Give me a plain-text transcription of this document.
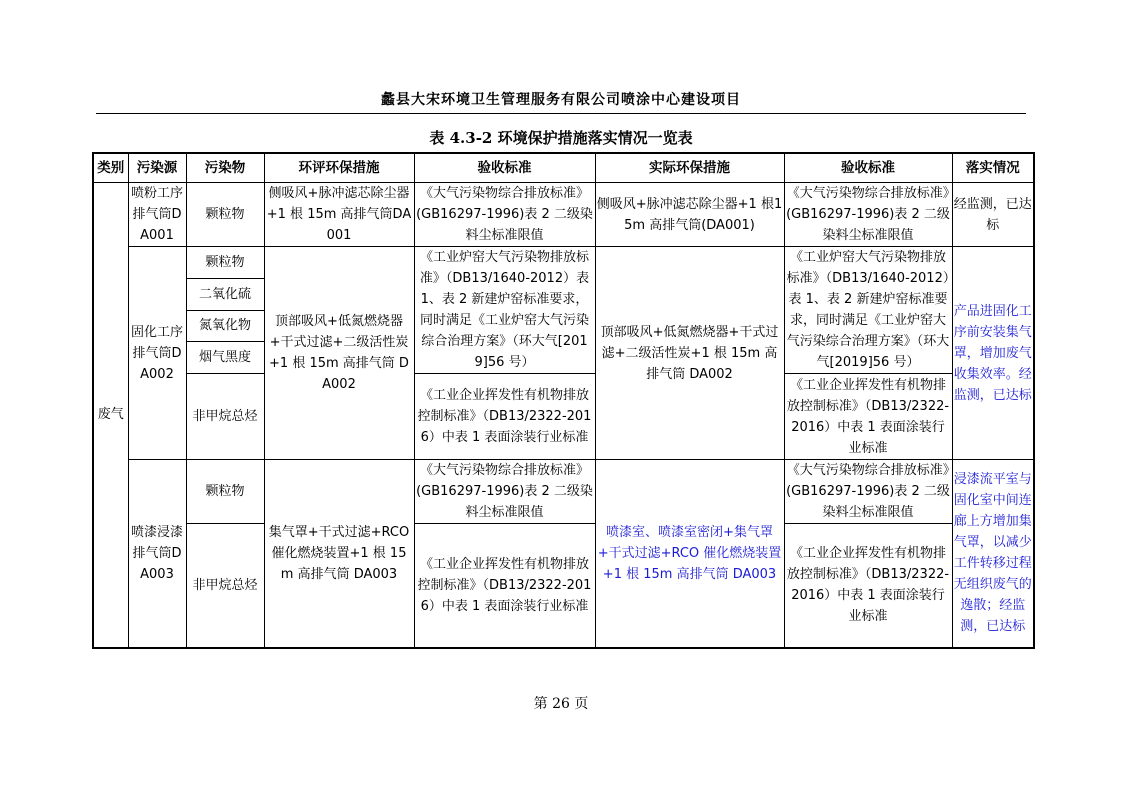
蠡县大宋环境卫生管理服务有限公司喷涂中心建设项目
表 4.3-2 环境保护措施落实情况一览表
类别	污染源	污染物	环评环保措施	验收标准	实际环保措施	验收标准	落实情况
废气	喷粉工序排气筒DA001	颗粒物	侧吸风+脉冲滤芯除尘器+1 根 15m 高排气筒DA001	《大气污染物综合排放标准》(GB16297-1996)表 2 二级染料尘标准限值	侧吸风+脉冲滤芯除尘器+1 根15m 高排气筒(DA001)	《大气污染物综合排放标准》(GB16297-1996)表 2 二级染料尘标准限值	经监测，已达标
	固化工序排气筒DA002	颗粒物	顶部吸风+低氮燃烧器+干式过滤+二级活性炭+1 根 15m 高排气筒 DA002	《工业炉窑大气污染物排放标准》（DB13/1640-2012）表 1、表 2 新建炉窑标准要求，同时满足《工业炉窑大气污染综合治理方案》（环大气[2019]56 号）	顶部吸风+低氮燃烧器+干式过滤+二级活性炭+1 根 15m 高排气筒 DA002	《工业炉窑大气污染物排放标准》（DB13/1640-2012）表 1、表 2 新建炉窑标准要求，同时满足《工业炉窑大气污染综合治理方案》（环大气[2019]56 号）	产品进固化工序前安装集气罩，增加废气收集效率。经监测，已达标
		二氧化硫					
		氮氧化物					
		烟气黑度					
		非甲烷总烃		《工业企业挥发性有机物排放控制标准》（DB13/2322-2016）中表 1 表面涂装行业标准		《工业企业挥发性有机物排放控制标准》（DB13/2322-2016）中表 1 表面涂装行业标准	
	喷漆浸漆排气筒DA003	颗粒物	集气罩+干式过滤+RCO 催化燃烧装置+1 根 15m 高排气筒 DA003	《大气污染物综合排放标准》(GB16297-1996)表 2 二级染料尘标准限值	喷漆室、喷漆室密闭+集气罩+干式过滤+RCO 催化燃烧装置+1 根 15m 高排气筒 DA003	《大气污染物综合排放标准》(GB16297-1996)表 2 二级染料尘标准限值	浸漆流平室与固化室中间连廊上方增加集气罩，以减少工件转移过程无组织废气的逸散；经监测，已达标
		非甲烷总烃		《工业企业挥发性有机物排放控制标准》（DB13/2322-2016）中表 1 表面涂装行业标准		《工业企业挥发性有机物排放控制标准》（DB13/2322-2016）中表 1 表面涂装行业标准	

第 26 页
